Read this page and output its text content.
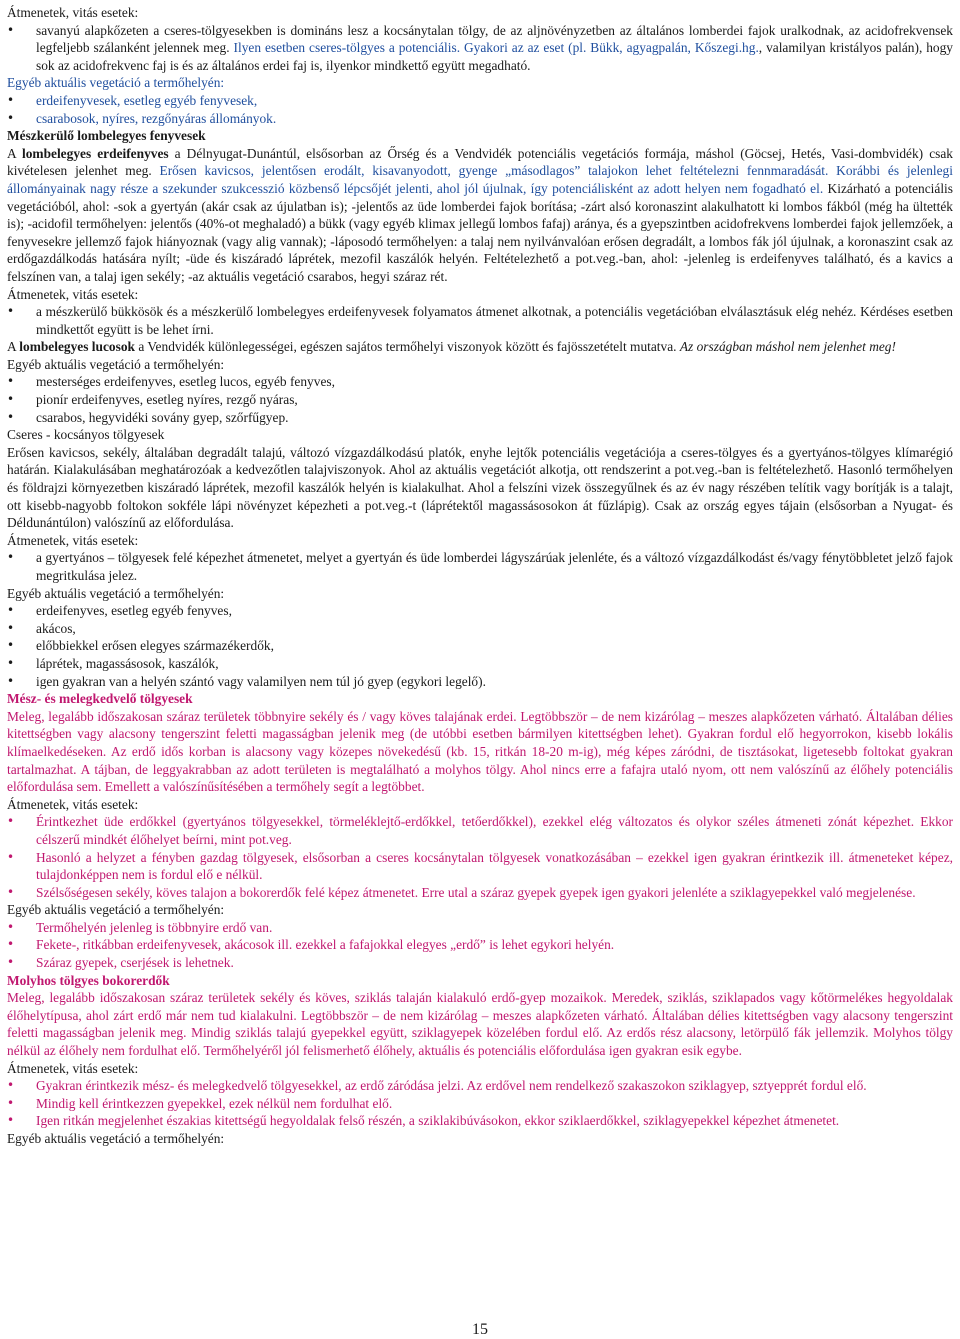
Átmenetek, vitás esetek:
• savanyú alapkőzeten a cseres-tölgyesekben is domináns lesz a kocsánytalan tölgy, de az aljnövényzetben az általános lomberdei fajok uralkodnak, az acidofrekvensek legfeljebb szálanként jelennek meg. Ilyen esetben cseres-tölgyes a potenciális. Gyakori az az eset (pl. Bükk, agyagpalán, Kőszegi.hg., valamilyan kristályos palán), hogy sok az acidofrekvenc faj is és az általános erdei faj is, ilyenkor mindkettő együtt megadható.
Egyéb aktuális vegetáció a termőhelyén:
• erdeifenyvesek, esetleg egyéb fenyvesek,
• csarabosok, nyíres, rezgőnyáras állományok.
Mészkerülő lombelegyes fenyvesek

A lombelegyes erdeifenyves a Délnyugat-Dunántúl, elsősorban az Őrség és a Vendvidék potenciális vegetációs formája, máshol (Göcsej, Hetés, Vasi-dombvidék) csak kivételesen jelenhet meg. Erősen kavicsos, jelentősen erodált, kisavanyodott, gyenge „másodlagos” talajokon lehet feltételezni fennmaradását. Korábbi és jelenlegi állományainak nagy része a szekunder szukcesszió közbenső lépcsőjét jelenti, ahol jól újulnak, így potenciálisként az adott helyen nem fogadható el. Kizárható a potenciális vegetációból, ahol: -sok a gyertyán (akár csak az újulatban is); -jelentős az üde lomberdei fajok borítása; -zárt alsó koronaszint alakulhatott ki lombos fákból (még ha ültették is); -acidofil termőhelyen: jelentős (40%-ot meghaladó) a bükk (vagy egyéb klimax jellegű lombos fafaj) aránya, és a gyepszintben acidofrekvens lomberdei fajok jellemzőek, a fenyvesekre jellemző fajok hiányoznak (vagy alig vannak); -láposodó termőhelyen: a talaj nem nyilvánvalóan erősen degradált, a lombos fák jól újulnak, a koronaszint csak az erdőgazdálkodás hatására nyílt; -üde és kiszáradó láprétek, mezofil kaszálók helyén. Feltételezhető a pot.veg.-ban, ahol: -jelenleg is erdeifenyves található, és a kavics a felszínen van, a talaj igen sekély; -az aktuális vegetáció csarabos, hegyi száraz rét.

Átmenetek, vitás esetek:
• a mészkerülő bükkösök és a mészkerülő lombelegyes erdeifenyvesek folyamatos átmenet alkotnak, a potenciális vegetációban elválasztásuk elég nehéz. Kérdéses esetben mindkettőt együtt is be lehet írni.

A lombelegyes lucosok a Vendvidék különlegességei, egészen sajátos termőhelyi viszonyok között és fajösszetételt mutatva. Az országban máshol nem jelenhet meg!

Egyéb aktuális vegetáció a termőhelyén:
• mesterséges erdeifenyves, esetleg lucos, egyéb fenyves,
• pionír erdeifenyves, esetleg nyíres, rezgő nyáras,
• csarabos, hegyvidéki sovány gyep, szőrfűgyep.
Cseres - kocsányos tölgyesek

Erősen kavicsos, sekély, általában degradált talajú, változó vízgazdálkodású platók, enyhe lejtők potenciális vegetációja a cseres-tölgyes és a gyertyános-tölgyes klímarégió határán. Kialakulásában meghatározóak a kedvezőtlen talajviszonyok. Ahol az aktuális vegetációt alkotja, ott rendszerint a pot.veg.-ban is feltételezhető. Hasonló termőhelyen és földrajzi környezetben kiszáradó láprétek, mezofil kaszálók helyén is kialakulhat. Ahol a felszíni vizek összegyűlnek és az év nagy részében telítik vagy borítják is a talajt, ott kisebb-nagyobb foltokon sokféle lápi növényzet képezheti a pot.veg.-t (láprétektől magassásosokon át fűzlápig). Csak az ország egyes tájain (elsősorban a Nyugat- és Déldunántúlon) valószínű az előfordulása.

Átmenetek, vitás esetek:
• a gyertyános – tölgyesek felé képezhet átmenetet, melyet a gyertyán és üde lomberdei lágyszárúak jelenléte, és a változó vízgazdálkodást és/vagy fénytöbbletet jelző fajok megritkulása jelez.
Egyéb aktuális vegetáció a termőhelyén:
• erdeifenyves, esetleg egyéb fenyves,
• akácos,
• előbbiekkel erősen elegyes származékerdők,
• láprétek, magassásosok, kaszálók,
• igen gyakran van a helyén szántó vagy valamilyen nem túl jó gyep (egykori legelő).
Mész- és melegkedvelő tölgyesek

Meleg, legalább időszakosan száraz területek többnyire sekély és / vagy köves talajának erdei. Legtöbbször – de nem kizárólag – meszes alapkőzeten várható. Általában délies kitettségben vagy alacsony tengerszint feletti magasságban jelenik meg (de utóbbi esetben bármilyen kitettségben lehet). Gyakran fordul elő hegyorrokon, kisebb lokális klímaelkedéseken. Az erdő idős korban is alacsony vagy közepes növekedésű (kb. 15, ritkán 18-20 m-ig), még képes záródni, de tisztásokat, ligetesebb foltokat gyakran tartalmazhat. A tájban, de leggyakrabban az adott területen is megtalálható a molyhos tölgy. Ahol nincs erre a fafajra utaló nyom, ott nem valószínű az élőhely potenciális előfordulása sem. Emellett a valószínűsítésében a termőhely segít a legtöbbet.

Átmenetek, vitás esetek:
• Érintkezhet üde erdőkkel (gyertyános tölgyesekkel, törmeléklejtő-erdőkkel, tetőerdőkkel), ezekkel elég változatos és olykor széles átmeneti zónát képezhet. Ekkor célszerű mindkét élőhelyet beírni, mint pot.veg.
• Hasonló a helyzet a fényben gazdag tölgyesek, elsősorban a cseres kocsánytalan tölgyesek vonatkozásában – ezekkel igen gyakran érintkezik ill. átmeneteket képez, tulajdonképpen nem is fordul elő e nélkül.
• Szélsőségesen sekély, köves talajon a bokorerdők felé képez átmenetet. Erre utal a száraz gyepek gyepek igen gyakori jelenléte a sziklagyepekkel való megjelenése.
Egyéb aktuális vegetáció a termőhelyén:
• Termőhelyén jelenleg is többnyire erdő van.
• Fekete-, ritkábban erdeifenyvesek, akácosok ill. ezekkel a fafajokkal elegyes „erdő” is lehet egykori helyén.
• Száraz gyepek, cserjések is lehetnek.
Molyhos tölgyes bokorerdők

Meleg, legalább időszakosan száraz területek sekély és köves, sziklás talaján kialakuló erdő-gyep mozaikok. Meredek, sziklás, sziklapados vagy kőtörmelékes hegyoldalak élőhelytípusa, ahol zárt erdő már nem tud kialakulni. Legtöbbször – de nem kizárólag – meszes alapkőzeten várható. Általában délies kitettségben vagy alacsony tengerszint feletti magasságban jelenik meg. Mindig sziklás talajú gyepekkel együtt, sziklagyepek közelében fordul elő. Az erdős rész alacsony, letörpülő fák jellemzik. Molyhos tölgy nélkül az élőhely nem fordulhat elő. Termőhelyéről jól felismerhető élőhely, aktuális és potenciális előfordulása igen gyakran esik egybe.

Átmenetek, vitás esetek:
• Gyakran érintkezik mész- és melegkedvelő tölgyesekkel, az erdő záródása jelzi. Az erdővel nem rendelkező szakaszokon sziklagyep, sztyepprét fordul elő.
• Mindig kell érintkezzen gyepekkel, ezek nélkül nem fordulhat elő.
• Igen ritkán megjelenhet északias kitettségű hegyoldalak felső részén, a sziklakibúvásokon, ekkor sziklaerdőkkel, sziklagyepekkel képezhet átmenetet.
Egyéb aktuális vegetáció a termőhelyén:
15
